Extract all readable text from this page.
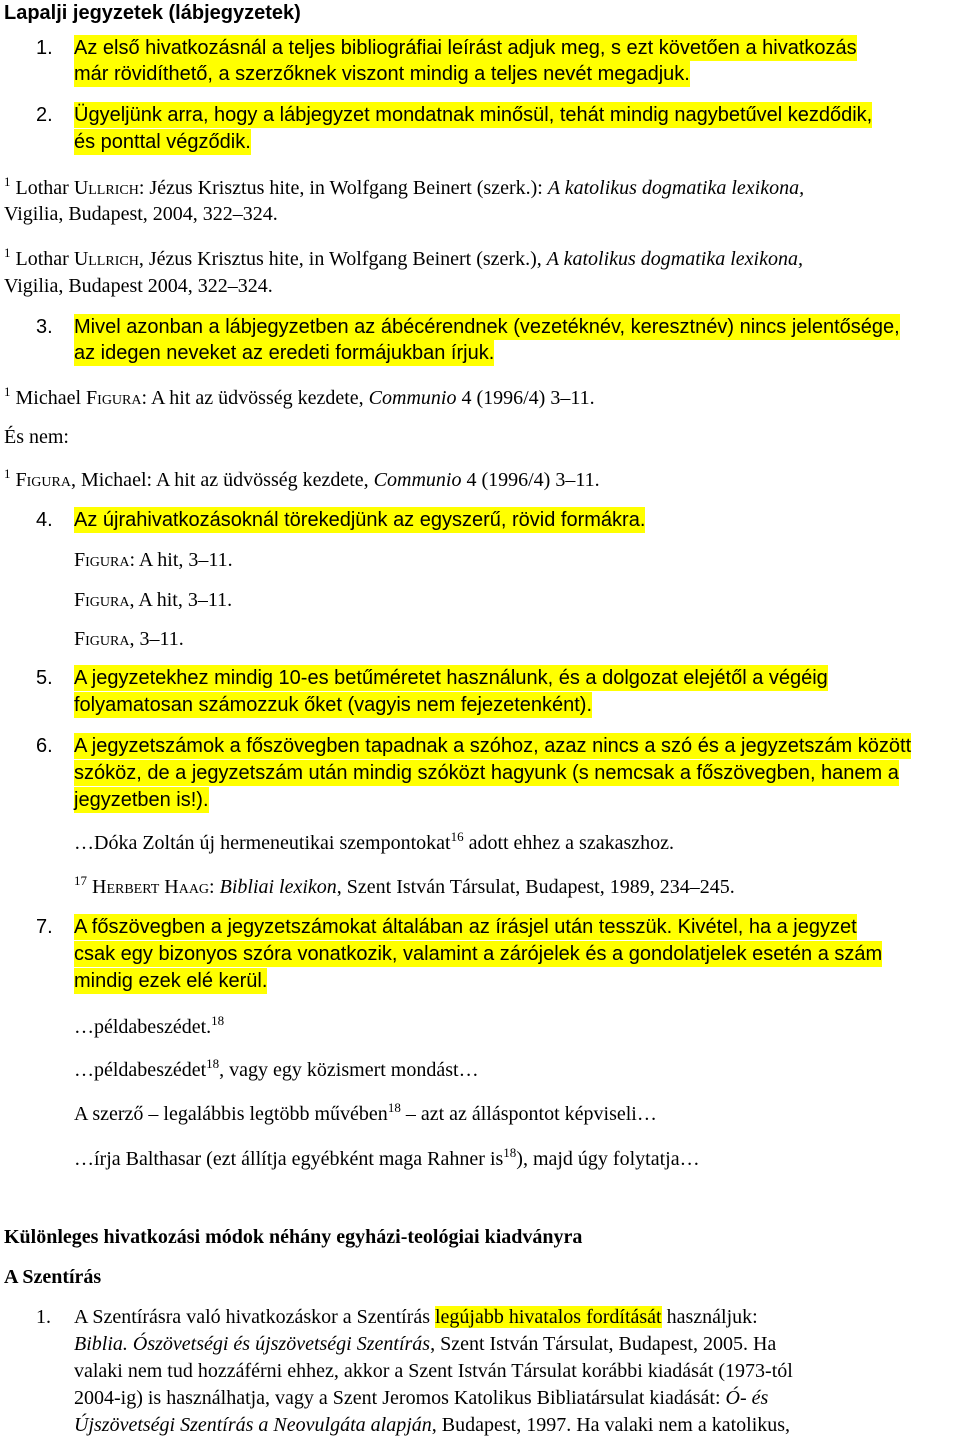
Lapalji jegyzetek (lábjegyzetek)
1. Az első hivatkozásnál a teljes bibliográfiai leírást adjuk meg, s ezt követően a hivatkozás
már rövidíthető, a szerzőknek viszont mindig a teljes nevét megadjuk.
2. Ügyeljünk arra, hogy a lábjegyzet mondatnak minősül, tehát mindig nagybetűvel kezdődik,
és ponttal végződik.
$^1$ Lothar Ullrich: Jézus Krisztus hite, in Wolfgang Beinert (szerk.): A katolikus dogmatika lexikona,
Vigilia, Budapest, 2004, 322–324.
$^1$ Lothar Ullrich, Jézus Krisztus hite, in Wolfgang Beinert (szerk.), A katolikus dogmatika lexikona,
Vigilia, Budapest 2004, 322–324.
3. Mivel azonban a lábjegyzetben az ábécérendnek (vezetéknév, keresztnév) nincs jelentősége,
az idegen neveket az eredeti formájukban írjuk.
$^1$ Michael Figura: A hit az üdvösség kezdete, Communio 4 (1996/4) 3–11.
És nem:
$^1$ Figura, Michael: A hit az üdvösség kezdete, Communio 4 (1996/4) 3–11.
4. Az újrahivatkozásoknál törekedjünk az egyszerű, rövid formákra.
Figura: A hit, 3–11.
Figura, A hit, 3–11.
Figura, 3–11.
5. A jegyzetekhez mindig 10-es betűméretet használunk, és a dolgozat elejétől a végéig
folyamatosan számozzuk őket (vagyis nem fejezetenként).
6. A jegyzetszámok a főszövegben tapadnak a szóhoz, azaz nincs a szó és a jegyzetszám között
szóköz, de a jegyzetszám után mindig szóközt hagyunk (s nemcsak a főszövegben, hanem a
jegyzetben is!).
…Dóka Zoltán új hermeneutikai szempontokat$^{16}$ adott ehhez a szakaszhoz.
$^{17}$ Herbert Haag: Bibliai lexikon, Szent István Társulat, Budapest, 1989, 234–245.
7. A főszövegben a jegyzetszámokat általában az írásjel után tesszük. Kivétel, ha a jegyzet
csak egy bizonyos szóra vonatkozik, valamint a zárójelek és a gondolatjelek esetén a szám
mindig ezek elé kerül.
…példabeszédet.$^{18}$
…példabeszédet$^{18}$, vagy egy közismert mondást…
A szerző – legalábbis legtöbb művében$^{18}$ – azt az álláspontot képviseli…
…írja Balthasar (ezt állítja egyébként maga Rahner $is^{18}$), majd úgy folytatja…
Különleges hivatkozási módok néhány egyházi-teológiai kiadványra
A Szentírás
1. A Szentírásra való hivatkozáskor a Szentírás legújabb hivatalos fordítását használjuk:
Biblia. Ószövetségi és újszövetségi Szentírás, Szent István Társulat, Budapest, 2005. Ha
valaki nem tud hozzáférni ehhez, akkor a Szent István Társulat korábbi kiadását (1973-tól
2004-ig) is használhatja, vagy a Szent Jeromos Katolikus Bibliatársulat kiadását: Ó- és
Újszövetségi Szentírás a Neovulgáta alapján, Budapest, 1997. Ha valaki nem a katolikus,
